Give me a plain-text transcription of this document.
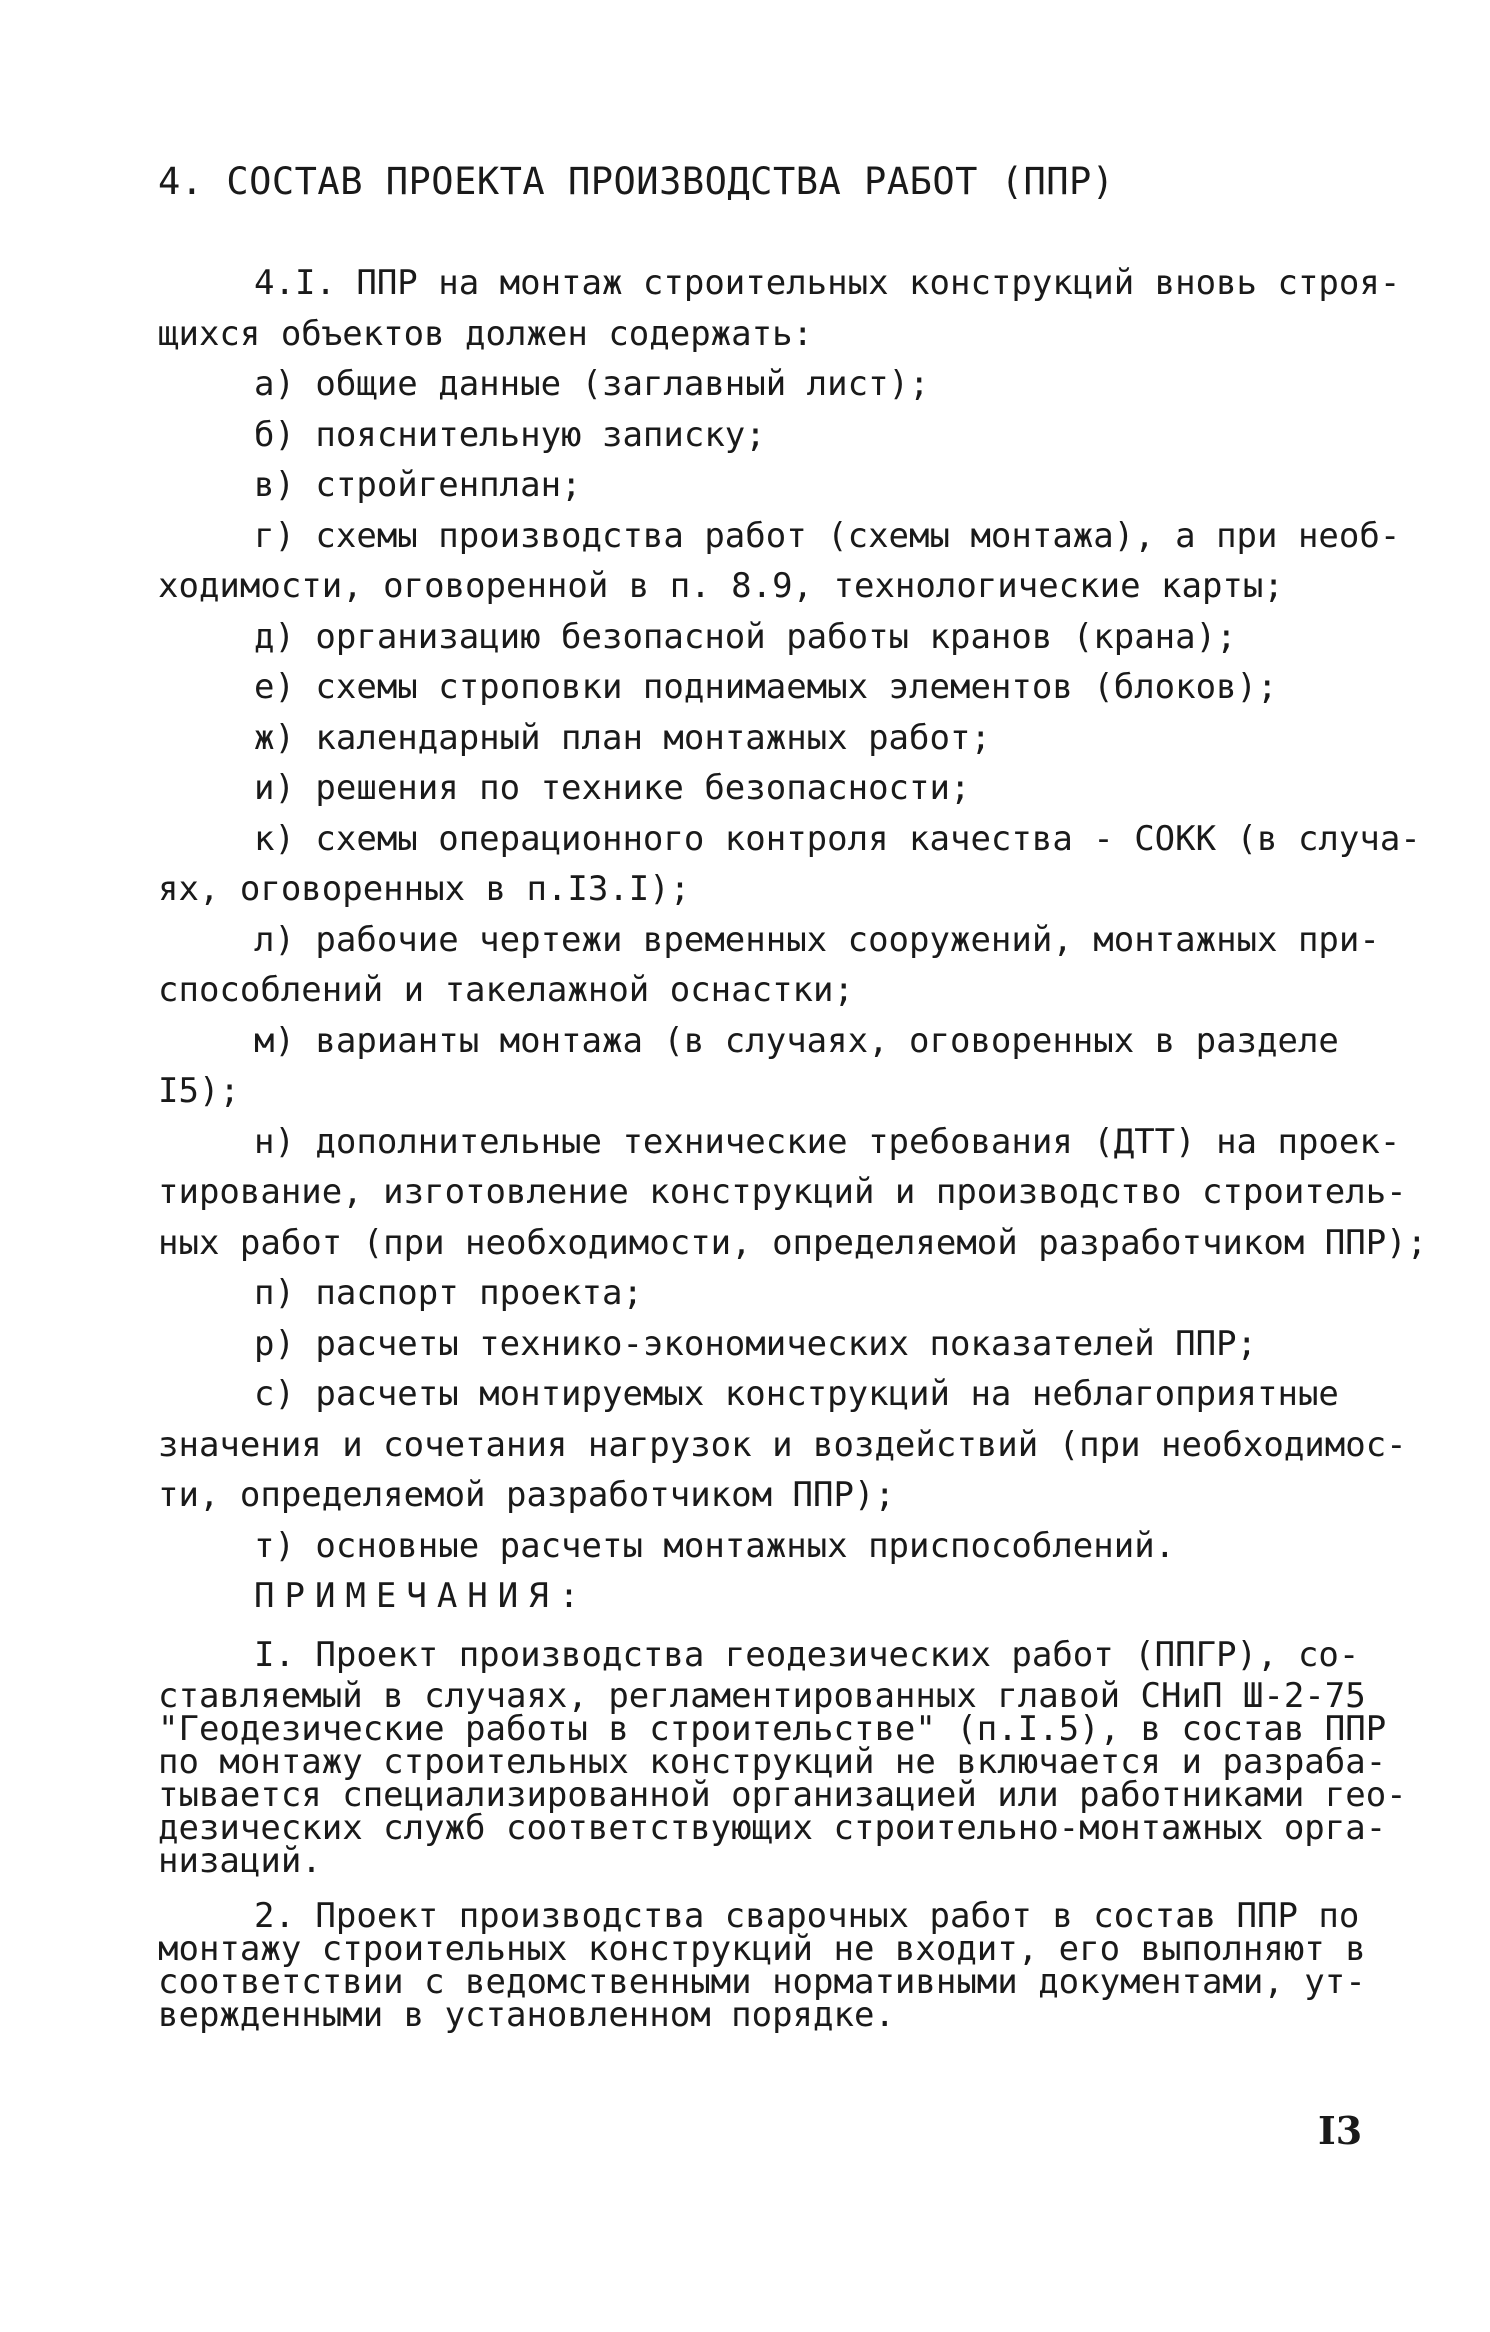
4. СОСТАВ ПРОЕКТА ПРОИЗВОДСТВА РАБОТ (ППР)
4.I. ППР на монтаж строительных конструкций вновь строя-
щихся объектов должен содержать:
а) общие данные (заглавный лист);
б) пояснительную записку;
в) стройгенплан;
г) схемы производства работ (схемы монтажа), а при необ-
ходимости, оговоренной в п. 8.9, технологические карты;
д) организацию безопасной работы кранов (крана);
е) схемы строповки поднимаемых элементов (блоков);
ж) календарный план монтажных работ;
и) решения по технике безопасности;
к) схемы операционного контроля качества - СОКК (в случа-
ях, оговоренных в п.I3.I);
л) рабочие чертежи временных сооружений, монтажных при-
способлений и такелажной оснастки;
м) варианты монтажа (в случаях, оговоренных в разделе
I5);
н) дополнительные технические требования (ДТТ) на проек-
тирование, изготовление конструкций и производство строитель-
ных работ (при необходимости, определяемой разработчиком ППР);
п) паспорт проекта;
р) расчеты технико-экономических показателей ППР;
с) расчеты монтируемых конструкций на неблагоприятные
значения и сочетания нагрузок и воздействий (при необходимос-
ти, определяемой разработчиком ППР);
т) основные расчеты монтажных приспособлений.
ПРИМЕЧАНИЯ:
I. Проект производства геодезических работ (ППГР), со-
ставляемый в случаях, регламентированных главой СНиП Ш-2-75
"Геодезические работы в строительстве" (п.I.5), в состав ППР
по монтажу строительных конструкций не включается и разраба-
тывается специализированной организацией или работниками гео-
дезических служб соответствующих строительно-монтажных орга-
низаций.
2. Проект производства сварочных работ в состав ППР по
монтажу строительных конструкций не входит, его выполняют в
соответствии с ведомственными нормативными документами, ут-
вержденными в установленном порядке.
I3
